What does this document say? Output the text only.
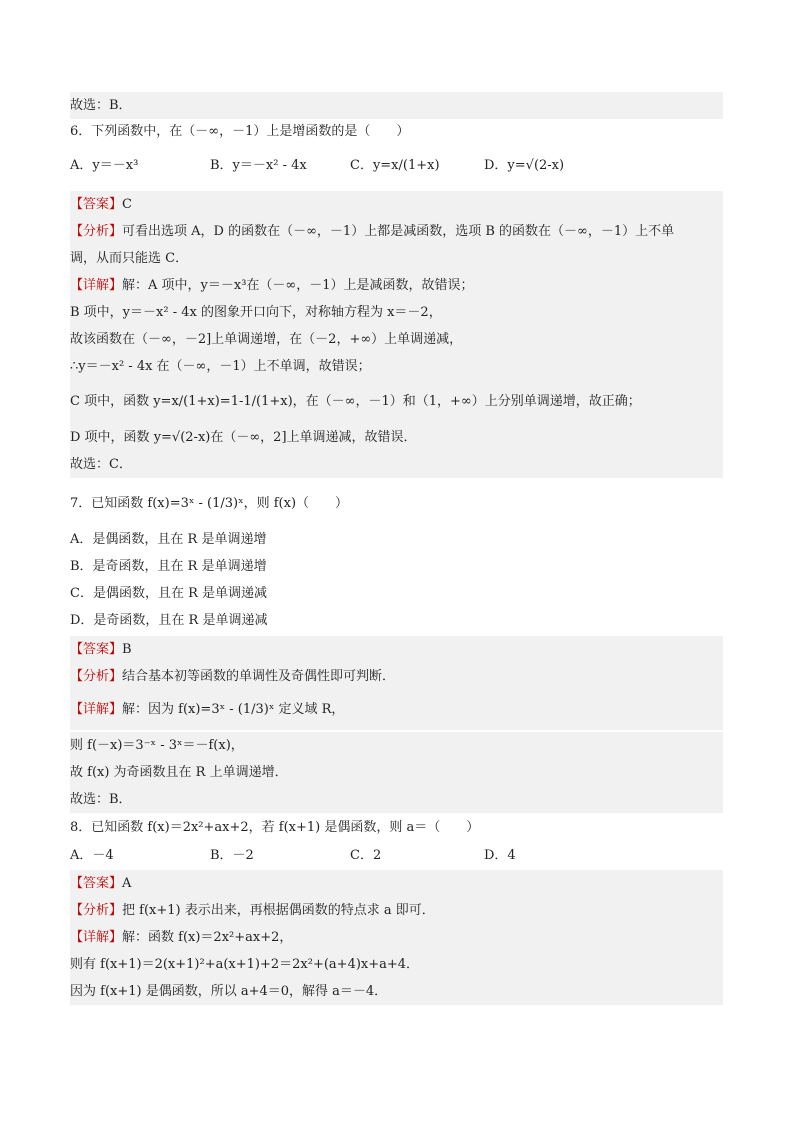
故选：B．
6．下列函数中，在（－∞，－1）上是增函数的是（　　）
A．y＝－x³	B．y＝－x² - 4x	C．y=x/(1+x)	D．y=√(2-x)
【答案】C
【分析】可看出选项 A，D 的函数在（－∞，－1）上都是减函数，选项 B 的函数在（－∞，－1）上不单
调，从而只能选 C．
【详解】解：A 项中，y＝－x³在（－∞，－1）上是减函数，故错误；
B 项中，y＝－x² - 4x 的图象开口向下，对称轴方程为 x＝－2，
故该函数在（－∞，－2]上单调递增，在（－2，+∞）上单调递减，
∴y＝－x² - 4x 在（－∞，－1）上不单调，故错误；
C 项中，函数 y=x/(1+x)=1-1/(1+x)，在（－∞，－1）和（1，+∞）上分别单调递增，故正确；
D 项中，函数 y=√(2-x)在（－∞，2]上单调递减，故错误．
故选：C．
7．已知函数 f(x)=3ˣ - (1/3)ˣ，则 f(x)（　　）
A．是偶函数，且在 R 是单调递增
B．是奇函数，且在 R 是单调递增
C．是偶函数，且在 R 是单调递减
D．是奇函数，且在 R 是单调递减
【答案】B
【分析】结合基本初等函数的单调性及奇偶性即可判断．
【详解】解：因为 f(x)=3ˣ - (1/3)ˣ 定义域 R，
则 f(－x)＝3⁻ˣ - 3ˣ＝－f(x)，
故 f(x) 为奇函数且在 R 上单调递增．
故选：B．
8．已知函数 f(x)＝2x²+ax+2，若 f(x+1) 是偶函数，则 a＝（　　）
A．－4	B．－2	C．2	D．4
【答案】A
【分析】把 f(x+1) 表示出来，再根据偶函数的特点求 a 即可．
【详解】解：函数 f(x)＝2x²+ax+2，
则有 f(x+1)＝2(x+1)²+a(x+1)+2＝2x²+(a+4)x+a+4．
因为 f(x+1) 是偶函数，所以 a+4＝0，解得 a＝－4．
